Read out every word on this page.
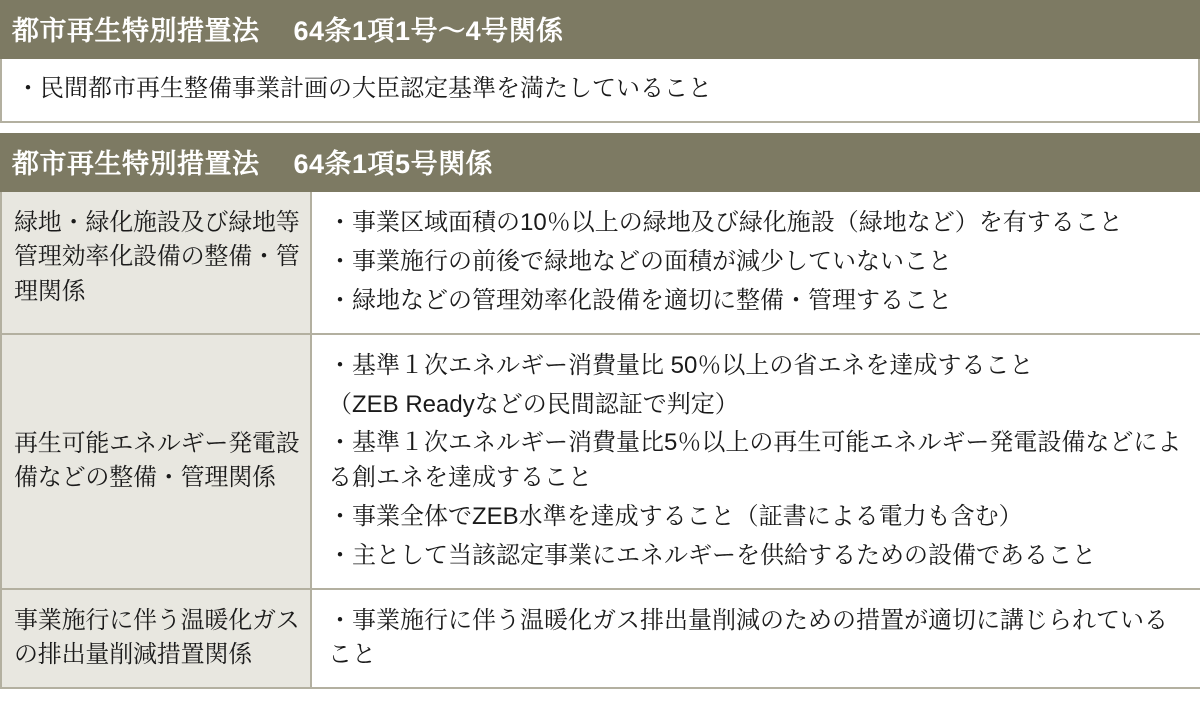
都市再生特別措置法 64条1項1号〜4号関係
・民間都市再生整備事業計画の大臣認定基準を満たしていること
都市再生特別措置法 64条1項5号関係
緑地・緑化施設及び緑地等管理効率化設備の整備・管理関係	
・事業区域面積の10％以上の緑地及び緑化施設（緑地など）を有すること
・事業施行の前後で緑地などの面積が減少していないこと
・緑地などの管理効率化設備を適切に整備・管理すること

再生可能エネルギー発電設備などの整備・管理関係	
・基準１次エネルギー消費量比 50％以上の省エネを達成すること
（ZEB Readyなどの民間認証で判定）
・基準１次エネルギー消費量比5％以上の再生可能エネルギー発電設備などによる創エネを達成すること
・事業全体でZEB水準を達成すること（証書による電力も含む）
・主として当該認定事業にエネルギーを供給するための設備であること

事業施行に伴う温暖化ガスの排出量削減措置関係	
・事業施行に伴う温暖化ガス排出量削減のための措置が適切に講じられていること
